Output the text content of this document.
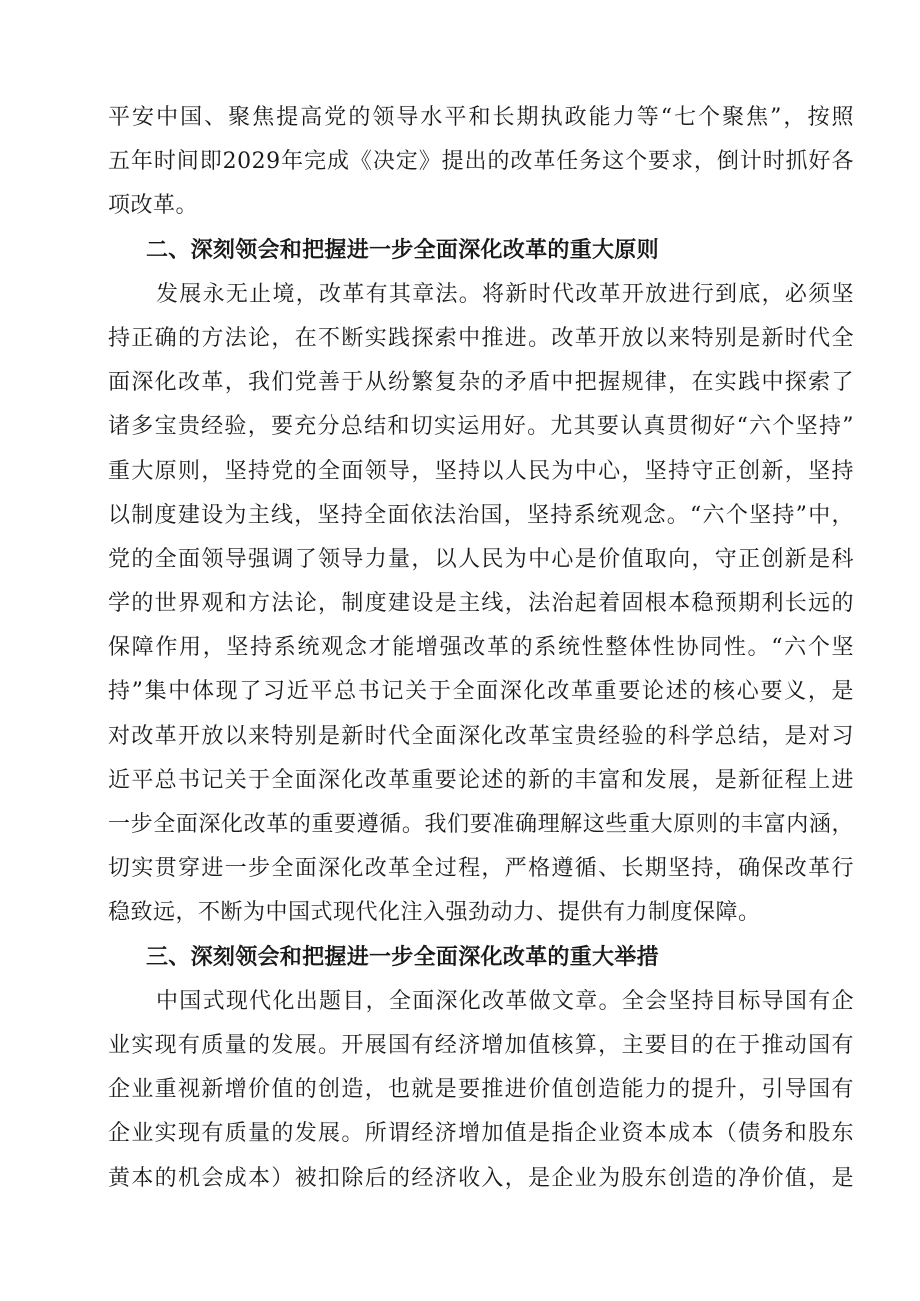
平安中国、聚焦提高党的领导水平和长期执政能力等“七个聚焦”，按照
五年时间即2029年完成《决定》提出的改革任务这个要求，倒计时抓好各
项改革。
二、深刻领会和把握进一步全面深化改革的重大原则
发展永无止境，改革有其章法。将新时代改革开放进行到底，必须坚
持正确的方法论，在不断实践探索中推进。改革开放以来特别是新时代全
面深化改革，我们党善于从纷繁复杂的矛盾中把握规律，在实践中探索了
诸多宝贵经验，要充分总结和切实运用好。尤其要认真贯彻好“六个坚持”
重大原则，坚持党的全面领导，坚持以人民为中心，坚持守正创新，坚持
以制度建设为主线，坚持全面依法治国，坚持系统观念。“六个坚持”中，
党的全面领导强调了领导力量，以人民为中心是价值取向，守正创新是科
学的世界观和方法论，制度建设是主线，法治起着固根本稳预期利长远的
保障作用，坚持系统观念才能增强改革的系统性整体性协同性。“六个坚
持”集中体现了习近平总书记关于全面深化改革重要论述的核心要义，是
对改革开放以来特别是新时代全面深化改革宝贵经验的科学总结，是对习
近平总书记关于全面深化改革重要论述的新的丰富和发展，是新征程上进
一步全面深化改革的重要遵循。我们要准确理解这些重大原则的丰富内涵，
切实贯穿进一步全面深化改革全过程，严格遵循、长期坚持，确保改革行
稳致远，不断为中国式现代化注入强劲动力、提供有力制度保障。
三、深刻领会和把握进一步全面深化改革的重大举措
中国式现代化出题目，全面深化改革做文章。全会坚持目标导国有企
业实现有质量的发展。开展国有经济增加值核算，主要目的在于推动国有
企业重视新增价值的创造，也就是要推进价值创造能力的提升，引导国有
企业实现有质量的发展。所谓经济增加值是指企业资本成本（债务和股东
黄本的机会成本）被扣除后的经济收入，是企业为股东创造的净价值，是
